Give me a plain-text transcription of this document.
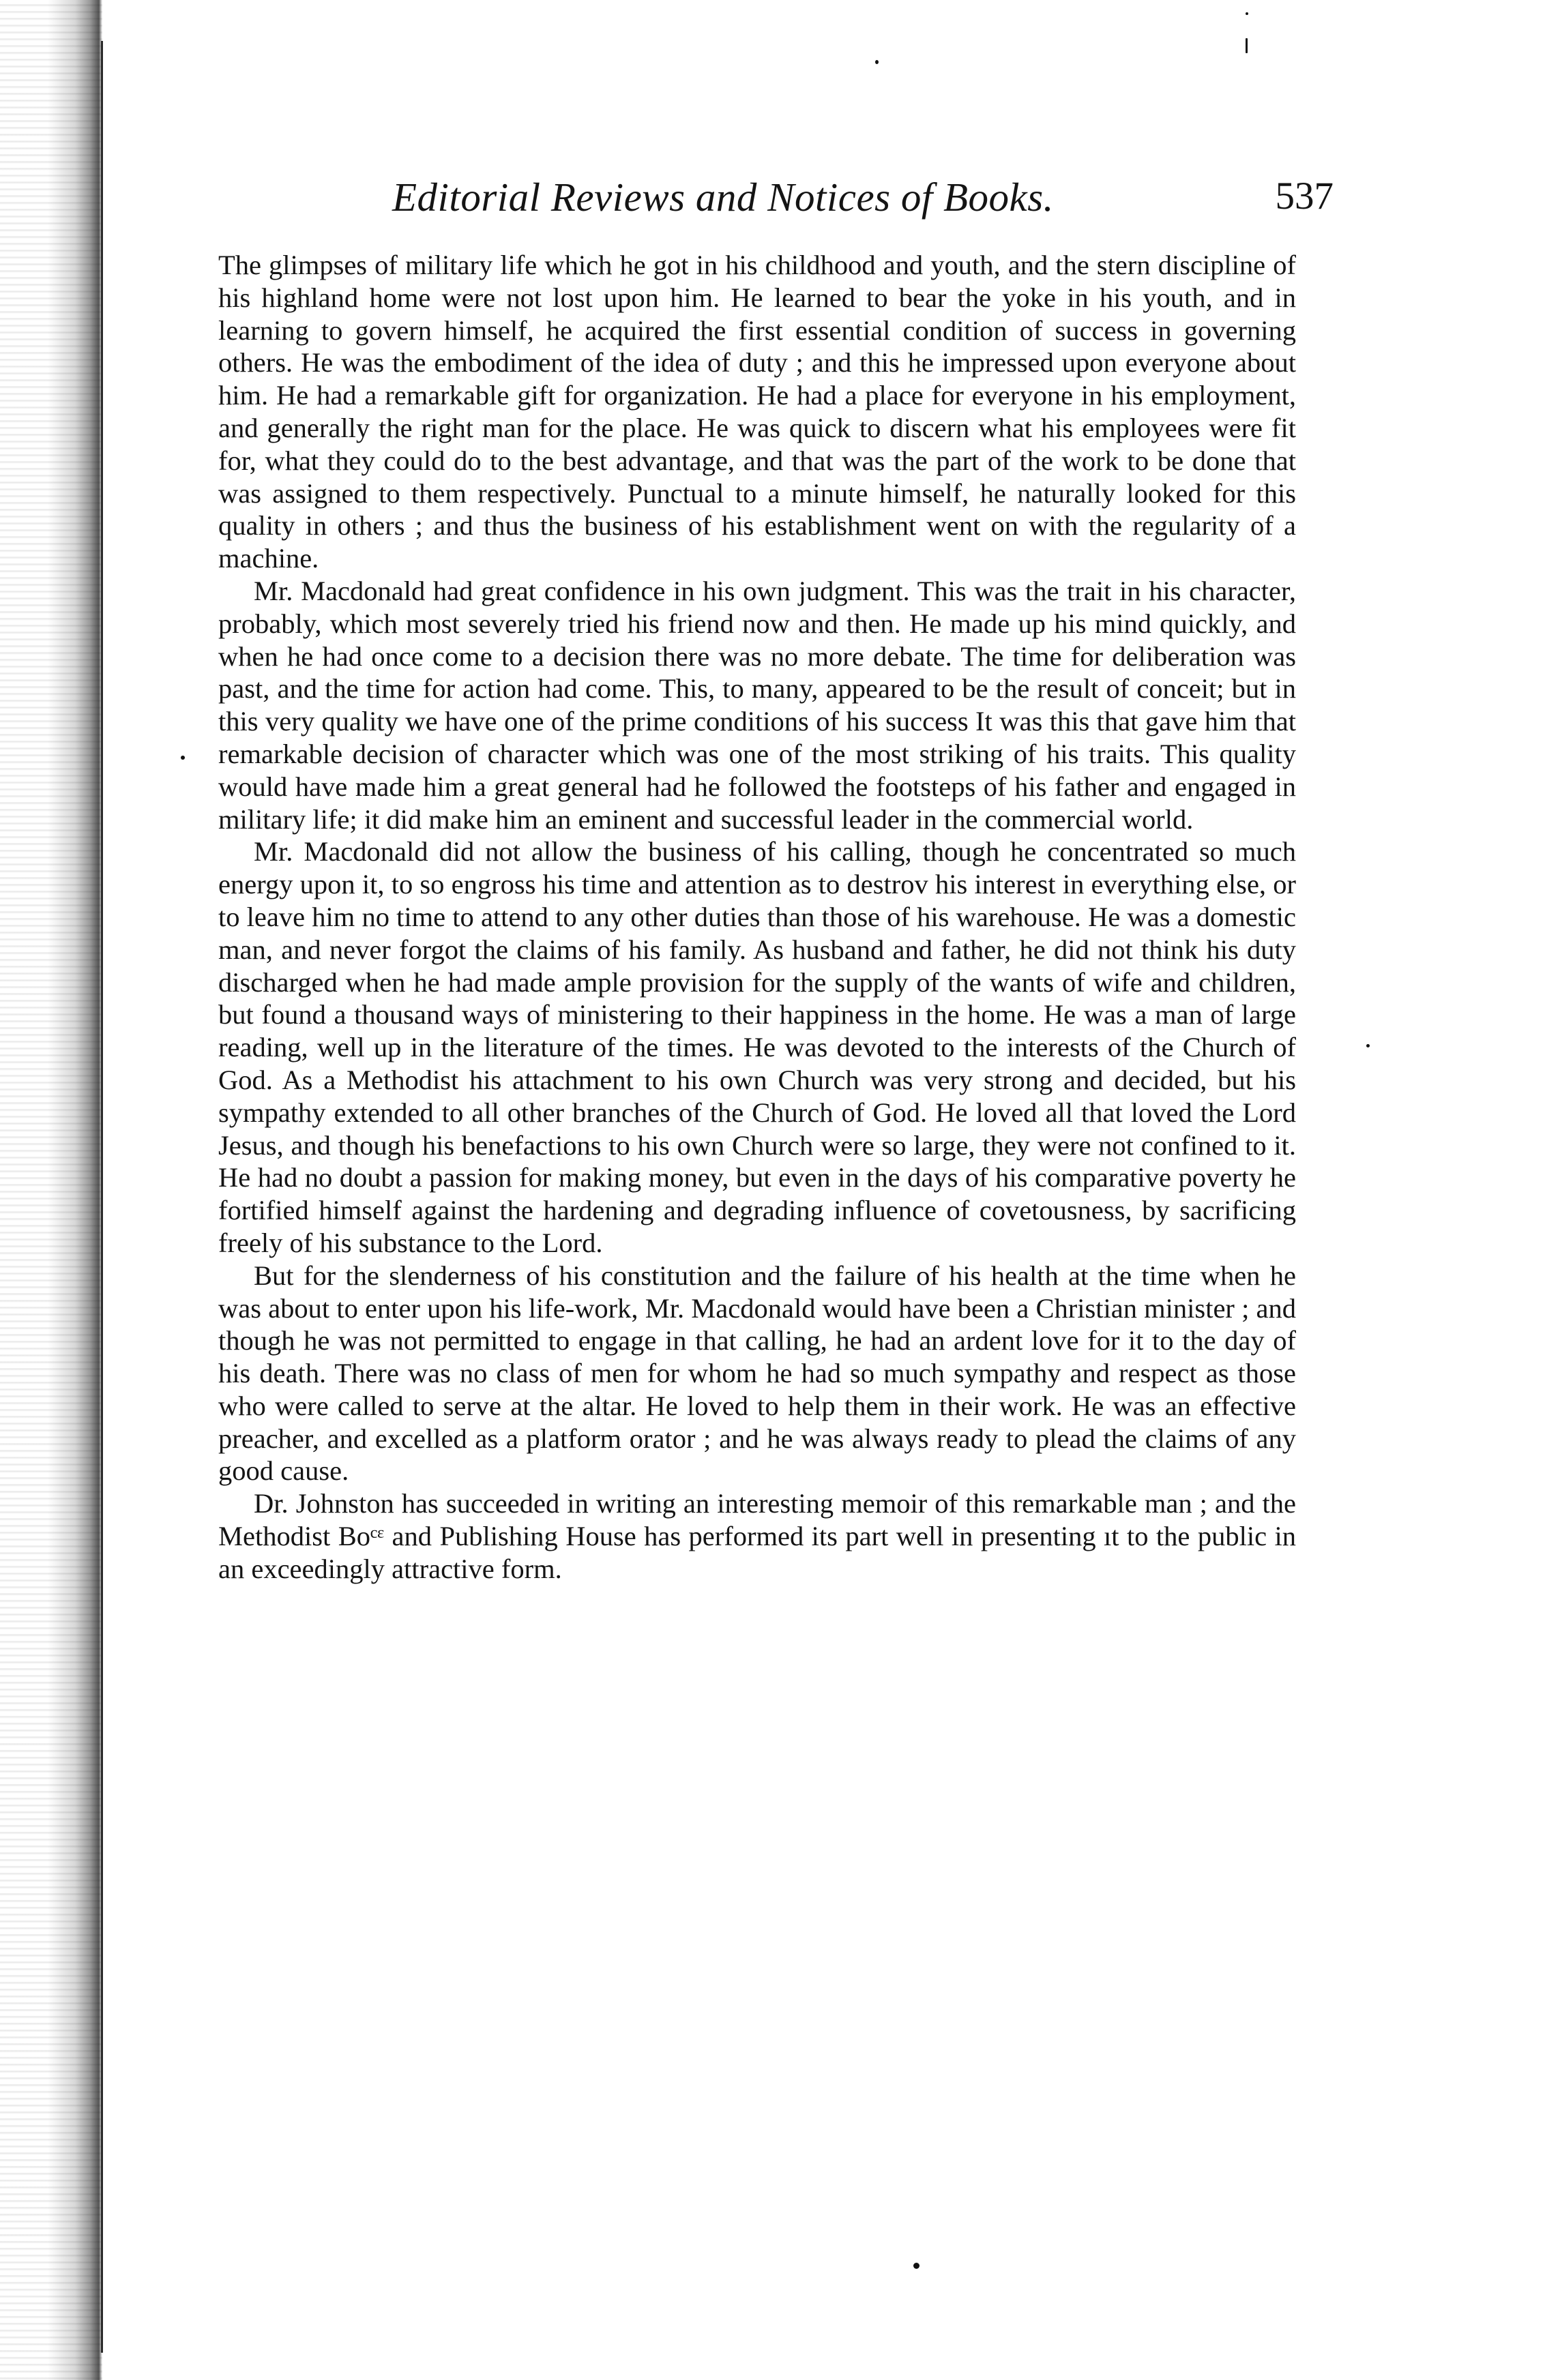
Editorial Reviews and Notices of Books.	537

The glimpses of military life which he got in his childhood and youth, and the stern discipline of his highland home were not lost upon him. He learned to bear the yoke in his youth, and in learning to govern himself, he acquired the first essential condition of success in governing others. He was the embodiment of the idea of duty ; and this he impressed upon everyone about him. He had a remarkable gift for organization. He had a place for everyone in his employment, and generally the right man for the place. He was quick to discern what his employees were fit for, what they could do to the best advantage, and that was the part of the work to be done that was assigned to them respectively. Punctual to a minute himself, he naturally looked for this quality in others ; and thus the business of his establishment went on with the regularity of a machine.

Mr. Macdonald had great confidence in his own judgment. This was the trait in his character, probably, which most severely tried his friend now and then. He made up his mind quickly, and when he had once come to a decision there was no more debate. The time for deliberation was past, and the time for action had come. This, to many, appeared to be the result of conceit; but in this very quality we have one of the prime conditions of his success It was this that gave him that remarkable decision of character which was one of the most striking of his traits. This quality would have made him a great general had he followed the footsteps of his father and engaged in military life; it did make him an eminent and successful leader in the commercial world.

Mr. Macdonald did not allow the business of his calling, though he concentrated so much energy upon it, to so engross his time and attention as to destrov his interest in everything else, or to leave him no time to attend to any other duties than those of his warehouse. He was a domestic man, and never forgot the claims of his family. As husband and father, he did not think his duty discharged when he had made ample provision for the supply of the wants of wife and children, but found a thousand ways of ministering to their happiness in the home. He was a man of large reading, well up in the literature of the times. He was devoted to the interests of the Church of God. As a Methodist his attachment to his own Church was very strong and decided, but his sympathy extended to all other branches of the Church of God. He loved all that loved the Lord Jesus, and though his benefactions to his own Church were so large, they were not confined to it. He had no doubt a passion for making money, but even in the days of his comparative poverty he fortified himself against the hardening and degrading influence of covetousness, by sacrificing freely of his substance to the Lord.

But for the slenderness of his constitution and the failure of his health at the time when he was about to enter upon his life-work, Mr. Macdonald would have been a Christian minister ; and though he was not permitted to engage in that calling, he had an ardent love for it to the day of his death. There was no class of men for whom he had so much sympathy and respect as those who were called to serve at the altar. He loved to help them in their work. He was an effective preacher, and excelled as a platform orator ; and he was always ready to plead the claims of any good cause.

Dr. Johnston has succeeded in writing an interesting memoir of this remarkable man ; and the Methodist Boᶜᵋ and Publishing House has performed its part well in presenting ıt to the public in an exceedingly attractive form.
